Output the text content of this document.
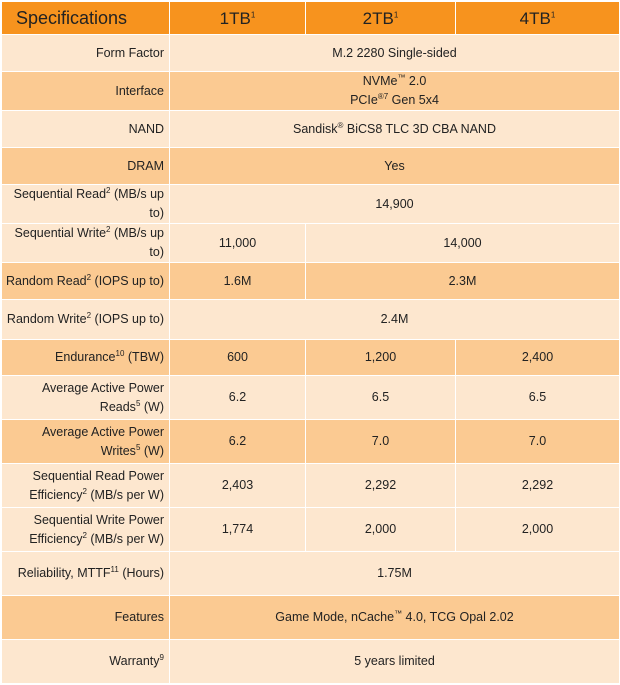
Specifications	$1TB^1$	$2TB^1$	$4TB^1$
Form Factor	M.2 2280 Single-sided		
Interface	NVMe™ 2.0
PCIe$^{®7}$ Gen 5x4		
NAND	Sandisk® BiCS8 TLC 3D CBA NAND		
DRAM	Yes		
Sequential Read$^2$ (MB/s up to)	14,900		
Sequential Write$^2$ (MB/s up to)	11,000	14,000	
Random Read$^2$ (IOPS up to)	1.6M	2.3M	
Random Write$^2$ (IOPS up to)	2.4M		
Endurance$^{10}$ (TBW)	600	1,200	2,400
Average Active Power Reads$^5$ (W)	6.2	6.5	6.5
Average Active Power Writes$^5$ (W)	6.2	7.0	7.0
Sequential Read Power Efficiency$^2$ (MB/s per W)	2,403	2,292	2,292
Sequential Write Power Efficiency$^2$ (MB/s per W)	1,774	2,000	2,000
Reliability, MTTF$^{11}$ (Hours)	1.75M		
Features	Game Mode, nCache™ 4.0, TCG Opal 2.02		
Warranty$^9$	5 years limited		
